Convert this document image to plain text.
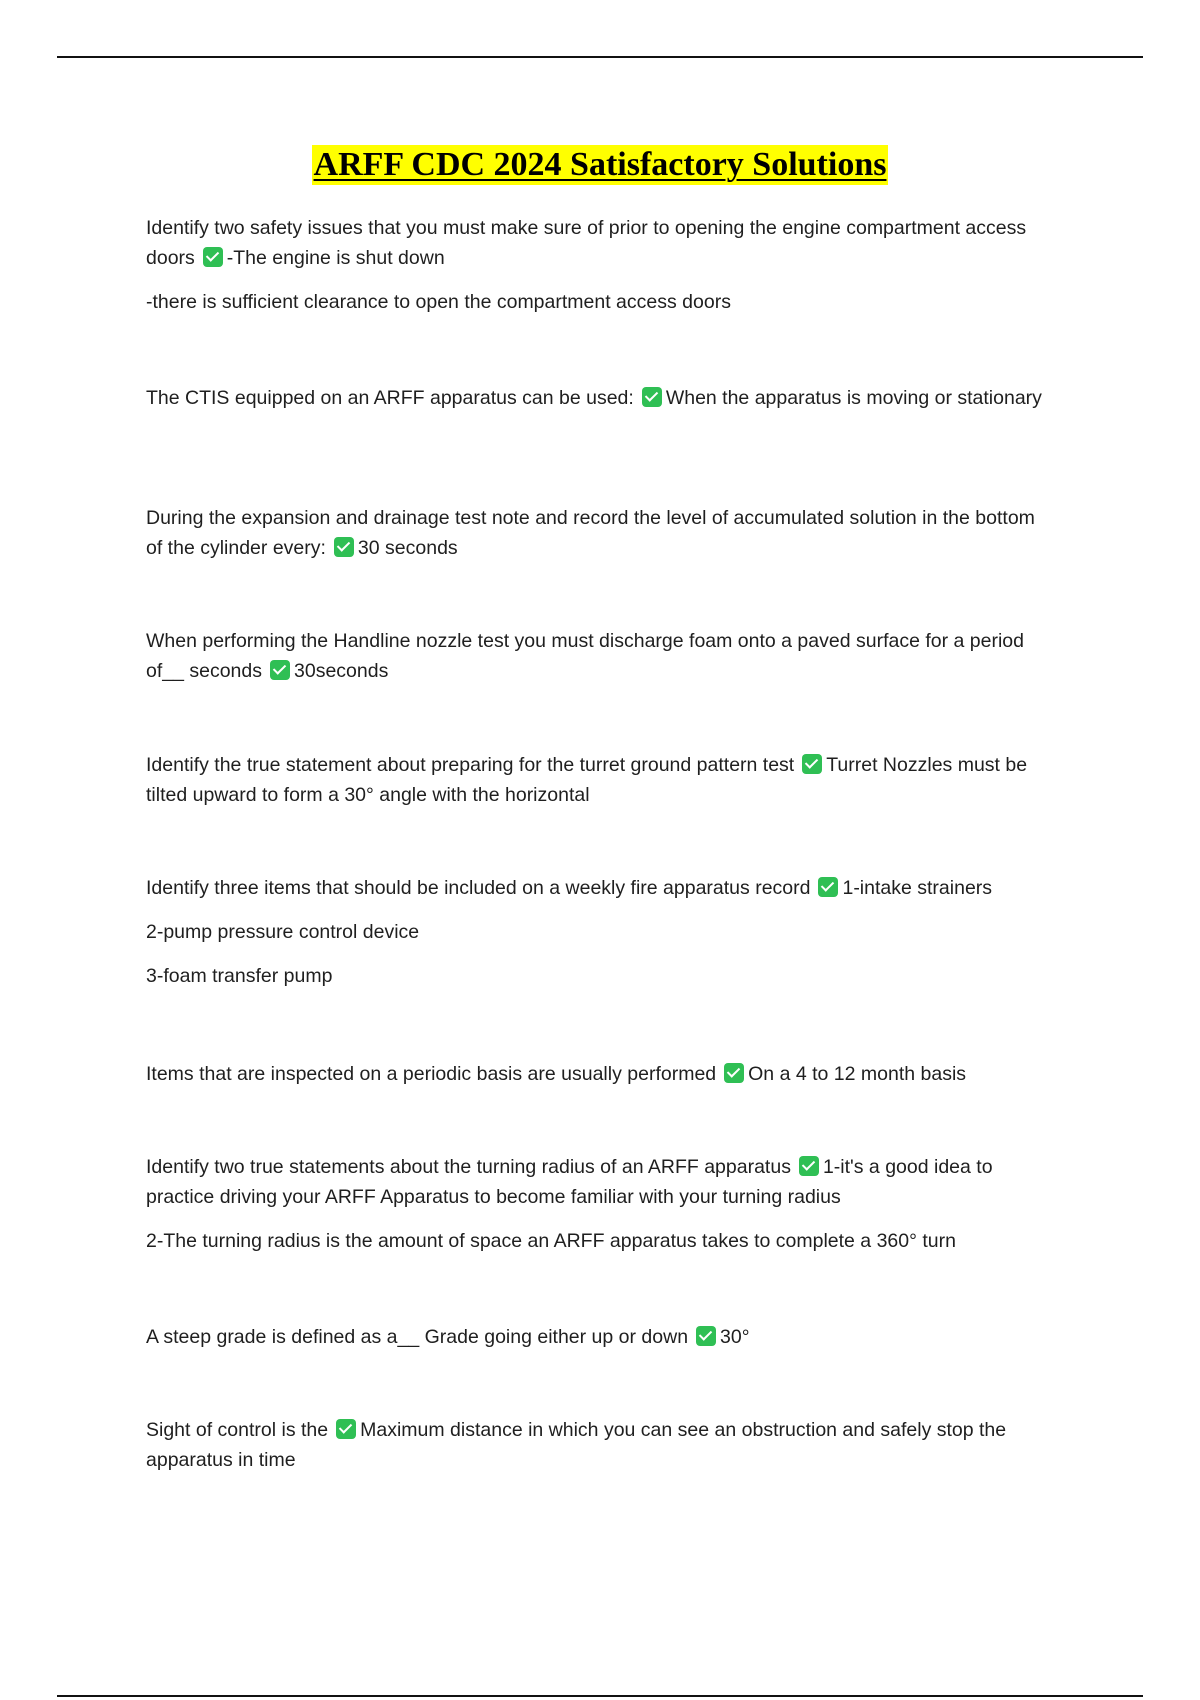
ARFF CDC 2024 Satisfactory Solutions

Identify two safety issues that you must make sure of prior to opening the engine compartment access doors -The engine is shut down

-there is sufficient clearance to open the compartment access doors

The CTIS equipped on an ARFF apparatus can be used: When the apparatus is moving or stationary

During the expansion and drainage test note and record the level of accumulated solution in the bottom of the cylinder every: 30 seconds

When performing the Handline nozzle test you must discharge foam onto a paved surface for a period of__ seconds 30seconds

Identify the true statement about preparing for the turret ground pattern test Turret Nozzles must be tilted upward to form a 30° angle with the horizontal

Identify three items that should be included on a weekly fire apparatus record 1-intake strainers

2-pump pressure control device

3-foam transfer pump

Items that are inspected on a periodic basis are usually performed On a 4 to 12 month basis

Identify two true statements about the turning radius of an ARFF apparatus 1-it's a good idea to practice driving your ARFF Apparatus to become familiar with your turning radius

2-The turning radius is the amount of space an ARFF apparatus takes to complete a 360° turn

A steep grade is defined as a__ Grade going either up or down 30°

Sight of control is the Maximum distance in which you can see an obstruction and safely stop the apparatus in time
